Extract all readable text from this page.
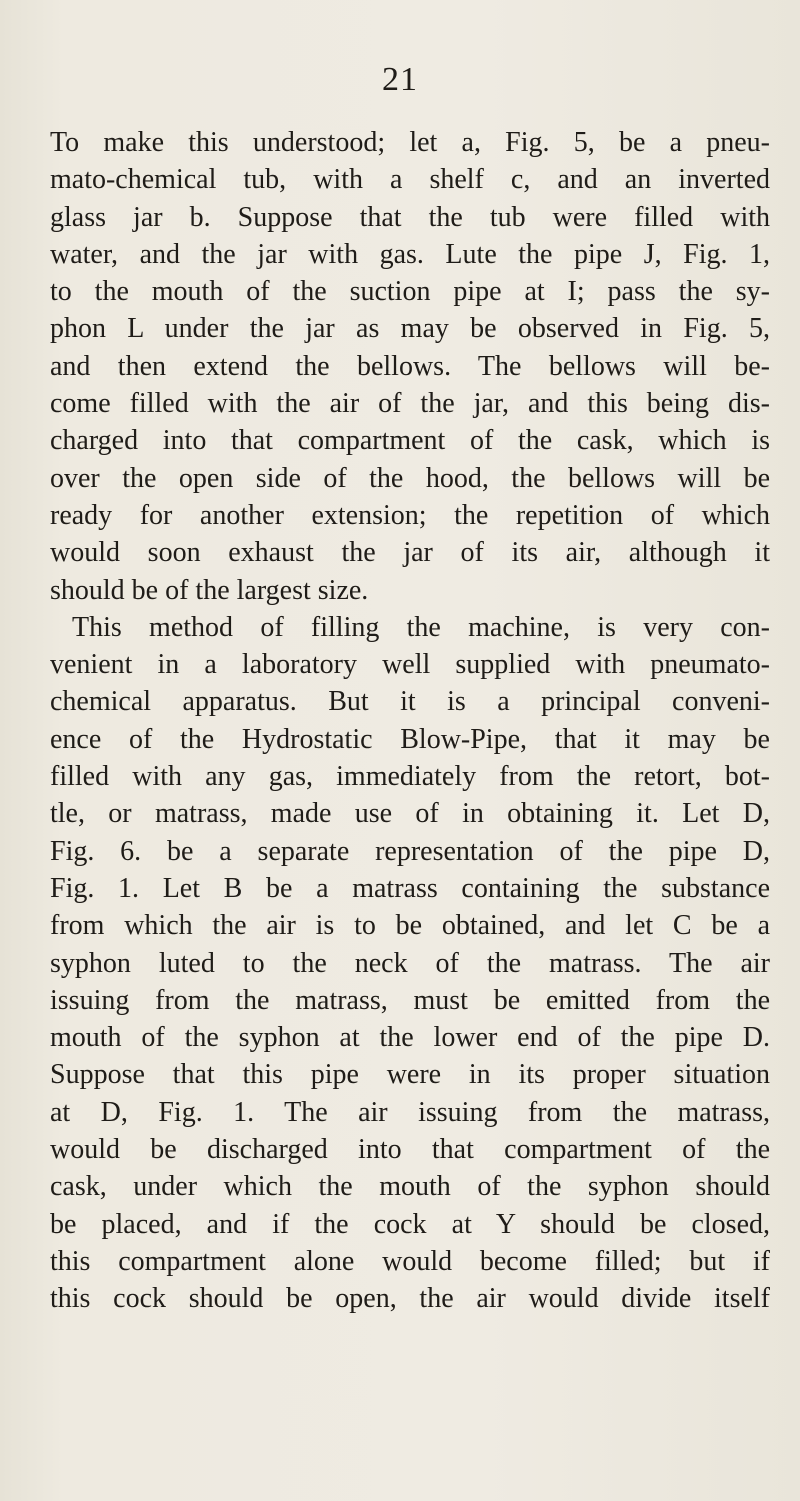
21
To make this understood; let a, Fig. 5, be a pneu-
mato-chemical tub, with a shelf c, and an inverted
glass jar b. Suppose that the tub were filled with
water, and the jar with gas. Lute the pipe J, Fig. 1,
to the mouth of the suction pipe at I; pass the sy-
phon L under the jar as may be observed in Fig. 5,
and then extend the bellows. The bellows will be-
come filled with the air of the jar, and this being dis-
charged into that compartment of the cask, which is
over the open side of the hood, the bellows will be
ready for another extension; the repetition of which
would soon exhaust the jar of its air, although it
should be of the largest size.
This method of filling the machine, is very con-
venient in a laboratory well supplied with pneumato-
chemical apparatus. But it is a principal conveni-
ence of the Hydrostatic Blow-Pipe, that it may be
filled with any gas, immediately from the retort, bot-
tle, or matrass, made use of in obtaining it. Let D,
Fig. 6. be a separate representation of the pipe D,
Fig. 1. Let B be a matrass containing the substance
from which the air is to be obtained, and let C be a
syphon luted to the neck of the matrass. The air
issuing from the matrass, must be emitted from the
mouth of the syphon at the lower end of the pipe D.
Suppose that this pipe were in its proper situation
at D, Fig. 1. The air issuing from the matrass,
would be discharged into that compartment of the
cask, under which the mouth of the syphon should
be placed, and if the cock at Y should be closed,
this compartment alone would become filled; but if
this cock should be open, the air would divide itself
